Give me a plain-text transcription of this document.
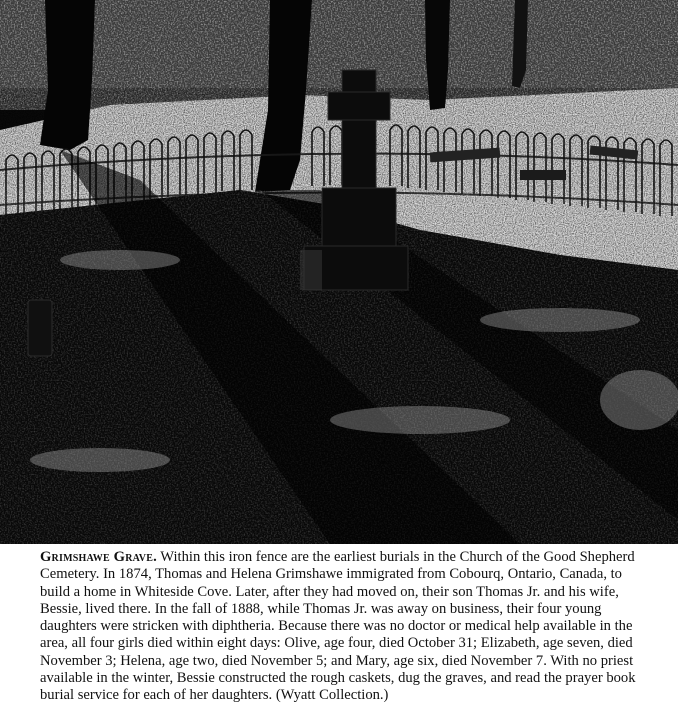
Grimshawe Grave. Within this iron fence are the earliest burials in the Church of the Good Shepherd Cemetery. In 1874, Thomas and Helena Grimshawe immigrated from Cobourq, Ontario, Canada, to build a home in Whiteside Cove. Later, after they had moved on, their son Thomas Jr. and his wife, Bessie, lived there. In the fall of 1888, while Thomas Jr. was away on business, their four young daughters were stricken with diphtheria. Because there was no doctor or medical help available in the area, all four girls died within eight days: Olive, age four, died October 31; Elizabeth, age seven, died November 3; Helena, age two, died November 5; and Mary, age six, died November 7. With no priest available in the winter, Bessie constructed the rough caskets, dug the graves, and read the prayer book burial service for each of her daughters. (Wyatt Collection.)
